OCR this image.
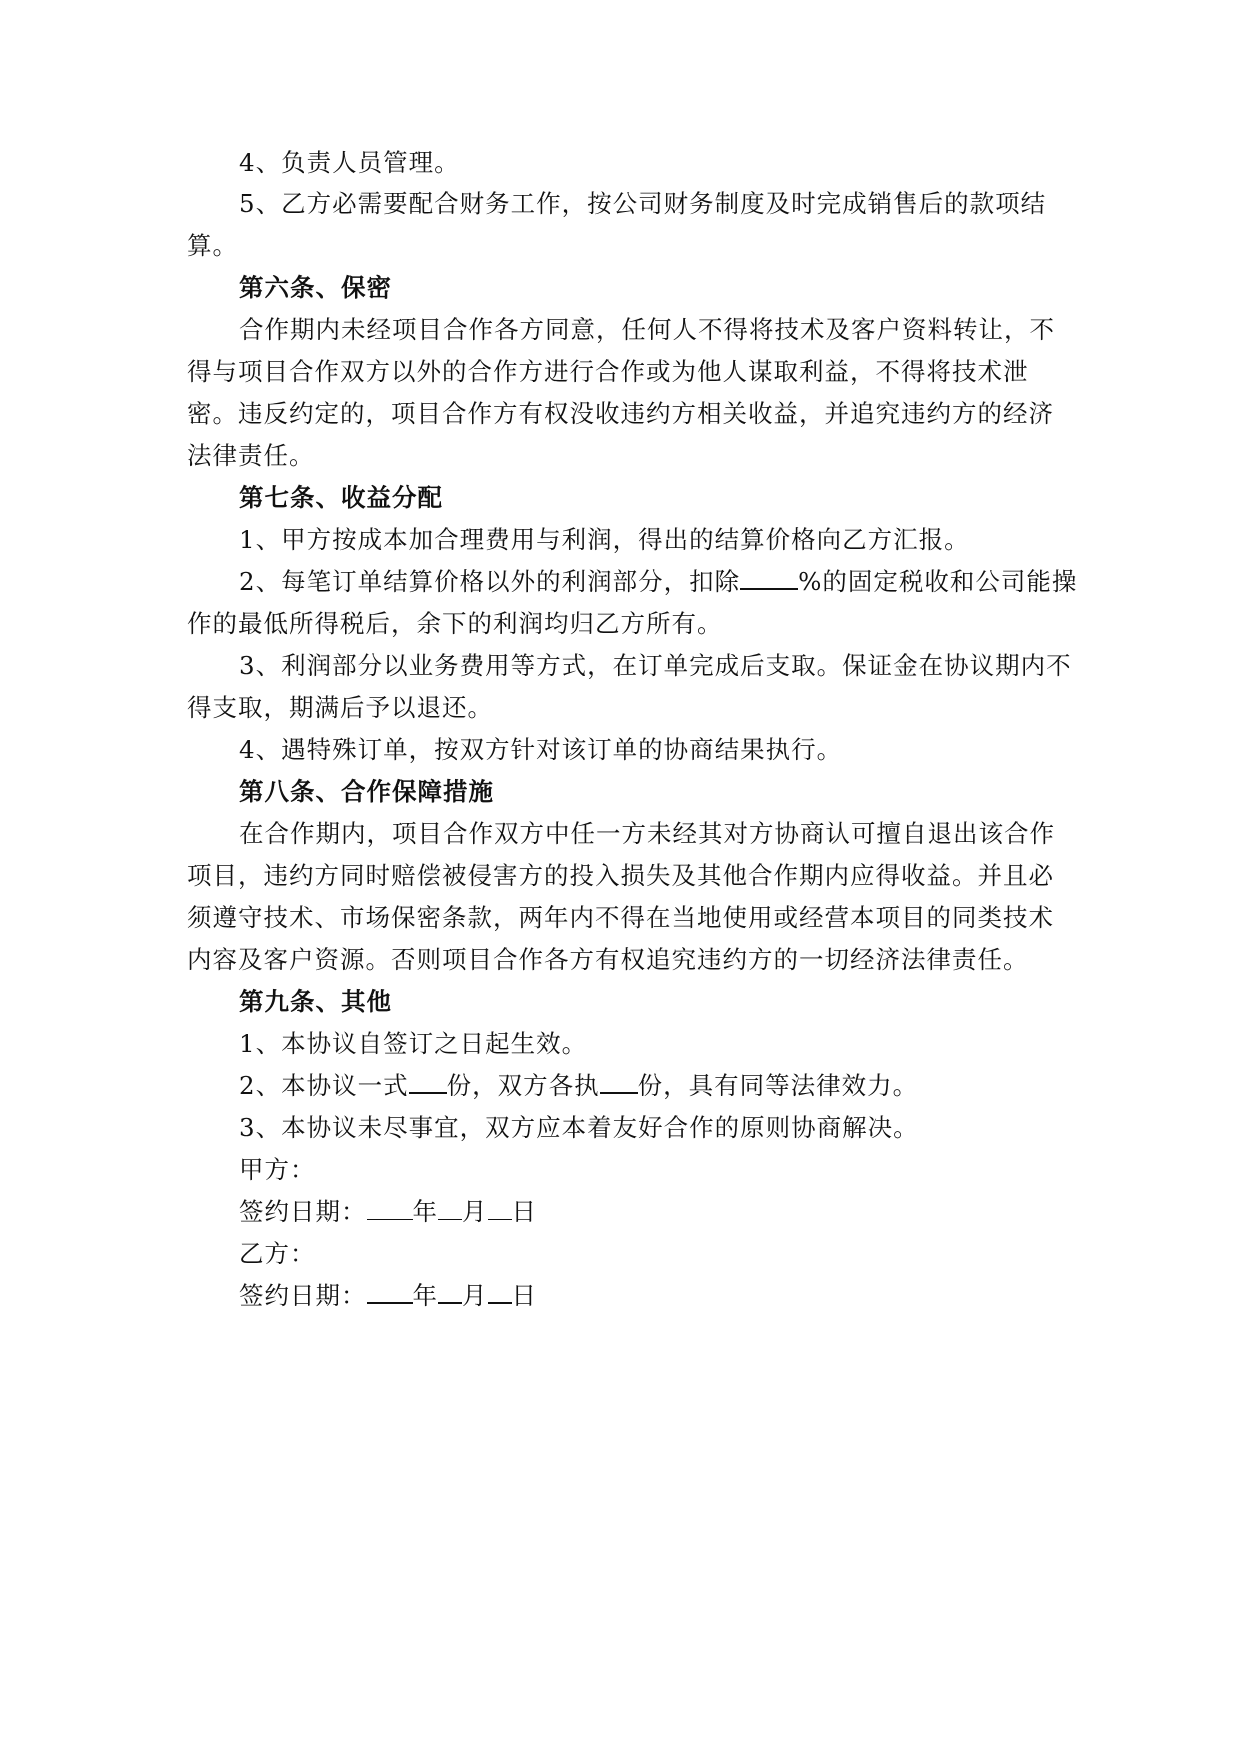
4、负责人员管理。

5、乙方必需要配合财务工作，按公司财务制度及时完成销售后的款项结

算。

第六条、保密

合作期内未经项目合作各方同意，任何人不得将技术及客户资料转让，不

得与项目合作双方以外的合作方进行合作或为他人谋取利益，不得将技术泄

密。违反约定的，项目合作方有权没收违约方相关收益，并追究违约方的经济

法律责任。

第七条、收益分配

1、甲方按成本加合理费用与利润，得出的结算价格向乙方汇报。

2、每笔订单结算价格以外的利润部分，扣除 %的固定税收和公司能操

作的最低所得税后，余下的利润均归乙方所有。

3、利润部分以业务费用等方式，在订单完成后支取。保证金在协议期内不

得支取，期满后予以退还。

4、遇特殊订单，按双方针对该订单的协商结果执行。

第八条、合作保障措施

在合作期内，项目合作双方中任一方未经其对方协商认可擅自退出该合作

项目，违约方同时赔偿被侵害方的投入损失及其他合作期内应得收益。并且必

须遵守技术、市场保密条款，两年内不得在当地使用或经营本项目的同类技术

内容及客户资源。否则项目合作各方有权追究违约方的一切经济法律责任。

第九条、其他

1、本协议自签订之日起生效。

2、本协议一式 份，双方各执 份，具有同等法律效力。

3、本协议未尽事宜，双方应本着友好合作的原则协商解决。

甲方：

签约日期： 年 月 日

乙方：

签约日期： 年 月 日
